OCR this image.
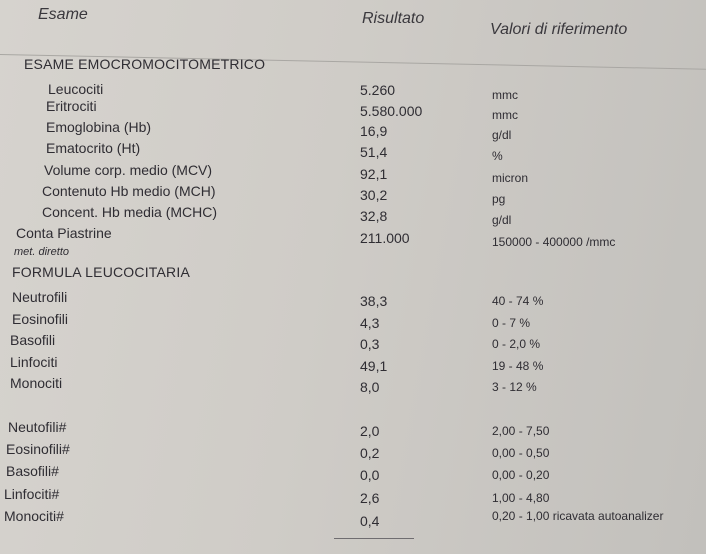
Esame	Risultato
Valori di riferimento
ESAME EMOCROMOCITOMETRICO
Leucociti	5.260	mmc
Eritrociti	5.580.000	mmc
Emoglobina (Hb)	16,9	g/dl
Ematocrito (Ht)	51,4	%
Volume corp. medio (MCV)	92,1	micron
Contenuto Hb medio (MCH)	30,2	pg
Concent. Hb media (MCHC)	32,8	g/dl
Conta Piastrine	211.000	150000 - 400000 /mmc
met. diretto
FORMULA LEUCOCITARIA
Neutrofili	38,3	40 - 74 %
Eosinofili	4,3	0 - 7 %
Basofili	0,3	0 - 2,0 %
Linfociti	49,1	19 - 48 %
Monociti	8,0	3 - 12 %
Neutofili#	2,0	2,00 - 7,50
Eosinofili#	0,2	0,00 - 0,50
Basofili#	0,0	0,00 - 0,20
Linfociti#	2,6	1,00 - 4,80
Monociti#	0,4	0,20 - 1,00 ricavata autoanalizer
